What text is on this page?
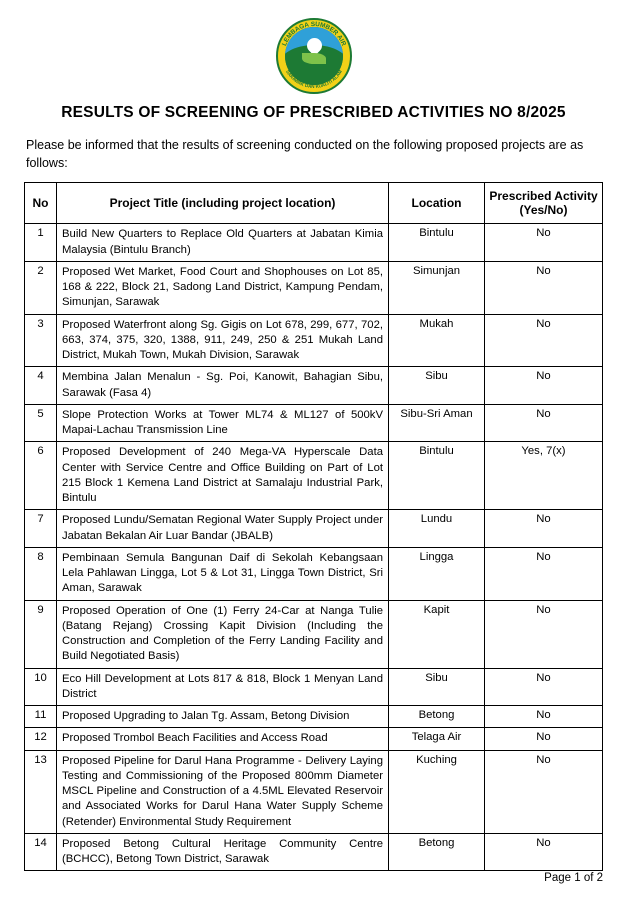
LEMBAGA SUMBER AIR
SARAWAK DAN KUALITI ALAM
RESULTS OF SCREENING OF PRESCRIBED ACTIVITIES NO 8/2025

Please be informed that the results of screening conducted on the following proposed projects are as follows:

No	Project Title (including project location)	Location	Prescribed Activity
(Yes/No)
1	Build New Quarters to Replace Old Quarters at Jabatan Kimia Malaysia (Bintulu Branch)	Bintulu	No
2	Proposed Wet Market, Food Court and Shophouses on Lot 85, 168 & 222, Block 21, Sadong Land District, Kampung Pendam, Simunjan, Sarawak	Simunjan	No
3	Proposed Waterfront along Sg. Gigis on Lot 678, 299, 677, 702, 663, 374, 375, 320, 1388, 911, 249, 250 & 251 Mukah Land District, Mukah Town, Mukah Division, Sarawak	Mukah	No
4	Membina Jalan Menalun - Sg. Poi, Kanowit, Bahagian Sibu, Sarawak (Fasa 4)	Sibu	No
5	Slope Protection Works at Tower ML74 & ML127 of 500kV Mapai-Lachau Transmission Line	Sibu-Sri Aman	No
6	Proposed Development of 240 Mega-VA Hyperscale Data Center with Service Centre and Office Building on Part of Lot 215 Block 1 Kemena Land District at Samalaju Industrial Park, Bintulu	Bintulu	Yes, 7(x)
7	Proposed Lundu/Sematan Regional Water Supply Project under Jabatan Bekalan Air Luar Bandar (JBALB)	Lundu	No
8	Pembinaan Semula Bangunan Daif di Sekolah Kebangsaan Lela Pahlawan Lingga, Lot 5 & Lot 31, Lingga Town District, Sri Aman, Sarawak	Lingga	No
9	Proposed Operation of One (1) Ferry 24-Car at Nanga Tulie (Batang Rejang) Crossing Kapit Division (Including the Construction and Completion of the Ferry Landing Facility and Build Negotiated Basis)	Kapit	No
10	Eco Hill Development at Lots 817 & 818, Block 1 Menyan Land District	Sibu	No
11	Proposed Upgrading to Jalan Tg. Assam, Betong Division	Betong	No
12	Proposed Trombol Beach Facilities and Access Road	Telaga Air	No
13	Proposed Pipeline for Darul Hana Programme - Delivery Laying Testing and Commissioning of the Proposed 800mm Diameter MSCL Pipeline and Construction of a 4.5ML Elevated Reservoir and Associated Works for Darul Hana Water Supply Scheme (Retender) Environmental Study Requirement	Kuching	No
14	Proposed Betong Cultural Heritage Community Centre (BCHCC), Betong Town District, Sarawak	Betong	No
Page 1 of 2
